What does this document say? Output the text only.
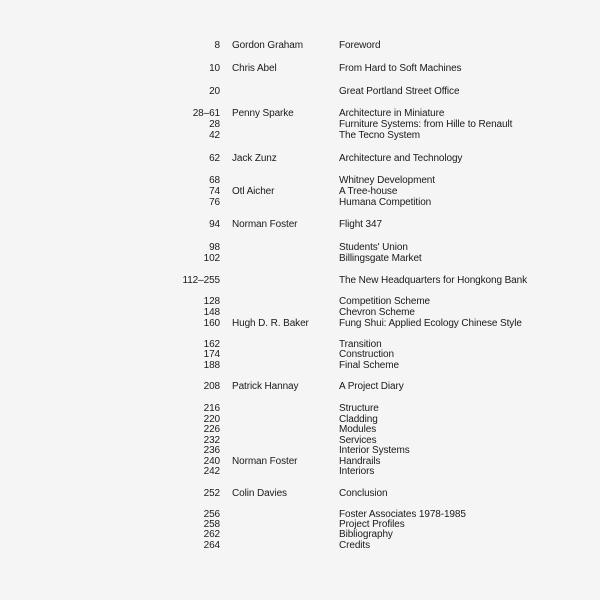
8 Gordon Graham	Foreword
10 Chris Abel	From Hard to Soft Machines
20	Great Portland Street Office
28–61 Penny Sparke	Architecture in Miniature
28	Furniture Systems: from Hille to Renault
42	The Tecno System
62 Jack Zunz	Architecture and Technology
68	Whitney Development
74 Otl Aicher	A Tree-house
76	Humana Competition
94 Norman Foster	Flight 347
98	Students' Union
102	Billingsgate Market
112–255	The New Headquarters for Hongkong Bank
128	Competition Scheme
148	Chevron Scheme
160 Hugh D. R. Baker	Fung Shui: Applied Ecology Chinese Style
162	Transition
174	Construction
188	Final Scheme
208 Patrick Hannay	A Project Diary
216	Structure
220	Cladding
226	Modules
232	Services
236	Interior Systems
240 Norman Foster	Handrails
242	Interiors
252 Colin Davies	Conclusion
256	Foster Associates 1978-1985
258	Project Profiles
262	Bibliography
264	Credits
